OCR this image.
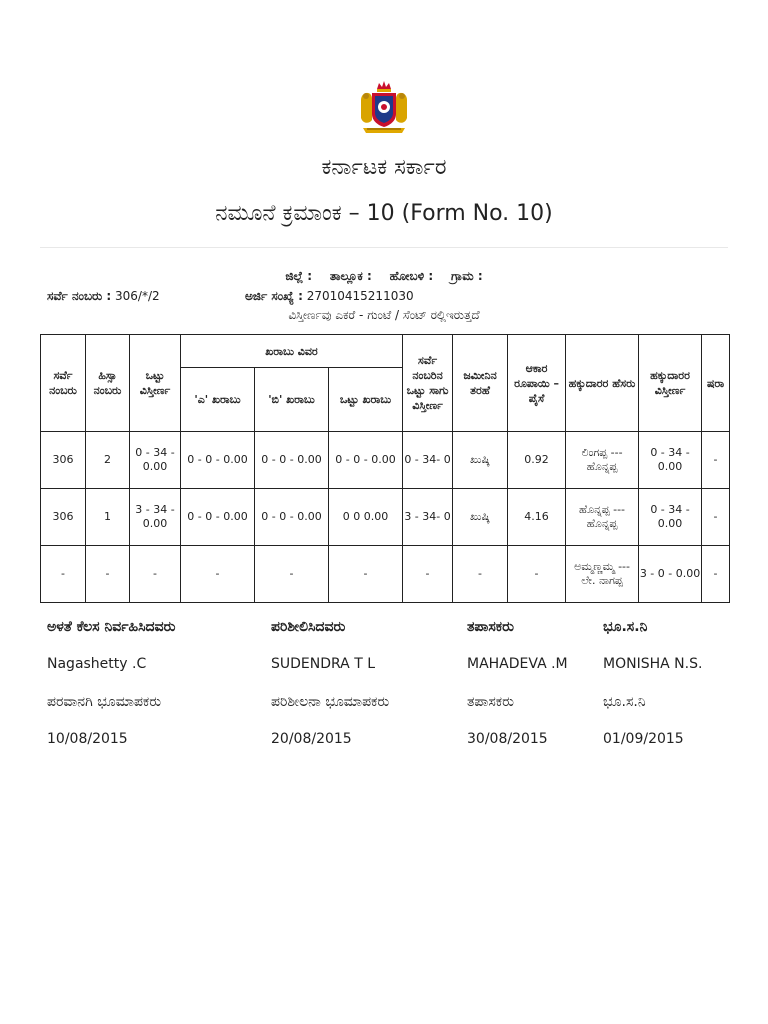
ಕರ್ನಾಟಕ ಸರ್ಕಾರ
ನಮೂನೆ ಕ್ರಮಾಂಕ – 10 (Form No. 10)
ಜಿಲ್ಲೆ : ತಾಲ್ಲೂಕ : ಹೋಬಳಿ : ಗ್ರಾಮ :
ಸರ್ವೆ ನಂಬರು : 306/*/2	ಅರ್ಜಿ ಸಂಖ್ಯೆ : 27010415211030
ವಿಸ್ತೀರ್ಣವು ಎಕರೆ - ಗುಂಟೆ / ಸೆಂಟ್ ರಲ್ಲಿಇರುತ್ತದೆ
ಸರ್ವೆ ನಂಬರು	ಹಿಸ್ಸಾ ನಂಬರು	ಒಟ್ಟು ವಿಸ್ತೀರ್ಣ	ಖರಾಬು ವಿವರ			ಸರ್ವೆ ನಂಬರಿನ ಒಟ್ಟು ಸಾಗು ವಿಸ್ತೀರ್ಣ	ಜಮೀನಿನ ತರಹೆ	ಆಕಾರ ರೂಪಾಯಿ –ಪೈಸೆ	ಹಕ್ಕುದಾರರ ಹೆಸರು	ಹಕ್ಕುದಾರರ ವಿಸ್ತೀರ್ಣ	ಷರಾ
			'ಎ' ಖರಾಬು	'ಬಿ' ಖರಾಬು	ಒಟ್ಟು ಖರಾಬು						
306	2	0 - 34 - 0.00	0 - 0 - 0.00	0 - 0 - 0.00	0 - 0 - 0.00	0 - 34- 0	ಖುಷ್ಕಿ	0.92	ಲಿಂಗಪ್ಪ --- ಹೊನ್ನಪ್ಪ	0 - 34 - 0.00	-
306	1	3 - 34 - 0.00	0 - 0 - 0.00	0 - 0 - 0.00	0 0 0.00	3 - 34- 0	ಖುಷ್ಕಿ	4.16	ಹೊನ್ನಪ್ಪ --- ಹೊನ್ನಪ್ಪ	0 - 34 - 0.00	-
-	-	-	-	-	-	-	-	-	ಅಮ್ಮಣ್ಣಮ್ಮ --- ಲೇ. ನಾಗಪ್ಪ	3 - 0 - 0.00	-
ಅಳತೆ ಕೆಲಸ ನಿರ್ವಹಿಸಿದವರು	ಪರಿಶೀಲಿಸಿದವರು	ತಪಾಸಕರು	ಭೂ.ಸ.ನಿ
Nagashetty .C	SUDENDRA T L	MAHADEVA .M	MONISHA N.S.
ಪರವಾನಗಿ ಭೂಮಾಪಕರು	ಪರಿಶೀಲನಾ ಭೂಮಾಪಕರು	ತಪಾಸಕರು	ಭೂ.ಸ.ನಿ
10/08/2015	20/08/2015	30/08/2015	01/09/2015
